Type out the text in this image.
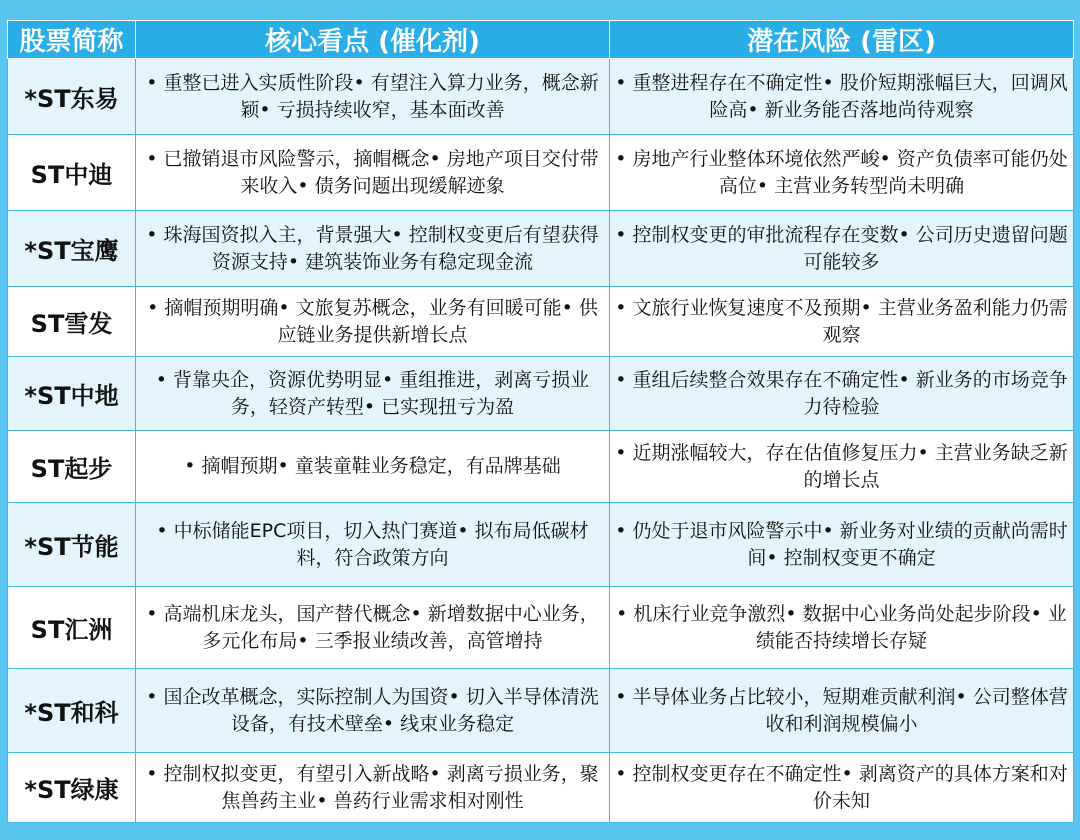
股票简称	核心看点 (催化剂)	潜在风险 (雷区)
*ST东易	• 重整已进入实质性阶段• 有望注入算力业务，概念新颖• 亏损持续收窄，基本面改善	• 重整进程存在不确定性• 股价短期涨幅巨大，回调风险高• 新业务能否落地尚待观察
ST中迪	• 已撤销退市风险警示，摘帽概念• 房地产项目交付带来收入• 债务问题出现缓解迹象	• 房地产行业整体环境依然严峻• 资产负债率可能仍处高位• 主营业务转型尚未明确
*ST宝鹰	• 珠海国资拟入主，背景强大• 控制权变更后有望获得资源支持• 建筑装饰业务有稳定现金流	• 控制权变更的审批流程存在变数• 公司历史遗留问题可能较多
ST雪发	• 摘帽预期明确• 文旅复苏概念，业务有回暖可能• 供应链业务提供新增长点	• 文旅行业恢复速度不及预期• 主营业务盈利能力仍需观察
*ST中地	• 背靠央企，资源优势明显• 重组推进，剥离亏损业务，轻资产转型• 已实现扭亏为盈	• 重组后续整合效果存在不确定性• 新业务的市场竞争力待检验
ST起步	• 摘帽预期• 童装童鞋业务稳定，有品牌基础	• 近期涨幅较大，存在估值修复压力• 主营业务缺乏新的增长点
*ST节能	• 中标储能EPC项目，切入热门赛道• 拟布局低碳材料，符合政策方向	• 仍处于退市风险警示中• 新业务对业绩的贡献尚需时间• 控制权变更不确定
ST汇洲	• 高端机床龙头，国产替代概念• 新增数据中心业务，多元化布局• 三季报业绩改善，高管增持	• 机床行业竞争激烈• 数据中心业务尚处起步阶段• 业绩能否持续增长存疑
*ST和科	• 国企改革概念，实际控制人为国资• 切入半导体清洗设备，有技术壁垒• 线束业务稳定	• 半导体业务占比较小，短期难贡献利润• 公司整体营收和利润规模偏小
*ST绿康	• 控制权拟变更，有望引入新战略• 剥离亏损业务，聚焦兽药主业• 兽药行业需求相对刚性	• 控制权变更存在不确定性• 剥离资产的具体方案和对价未知
